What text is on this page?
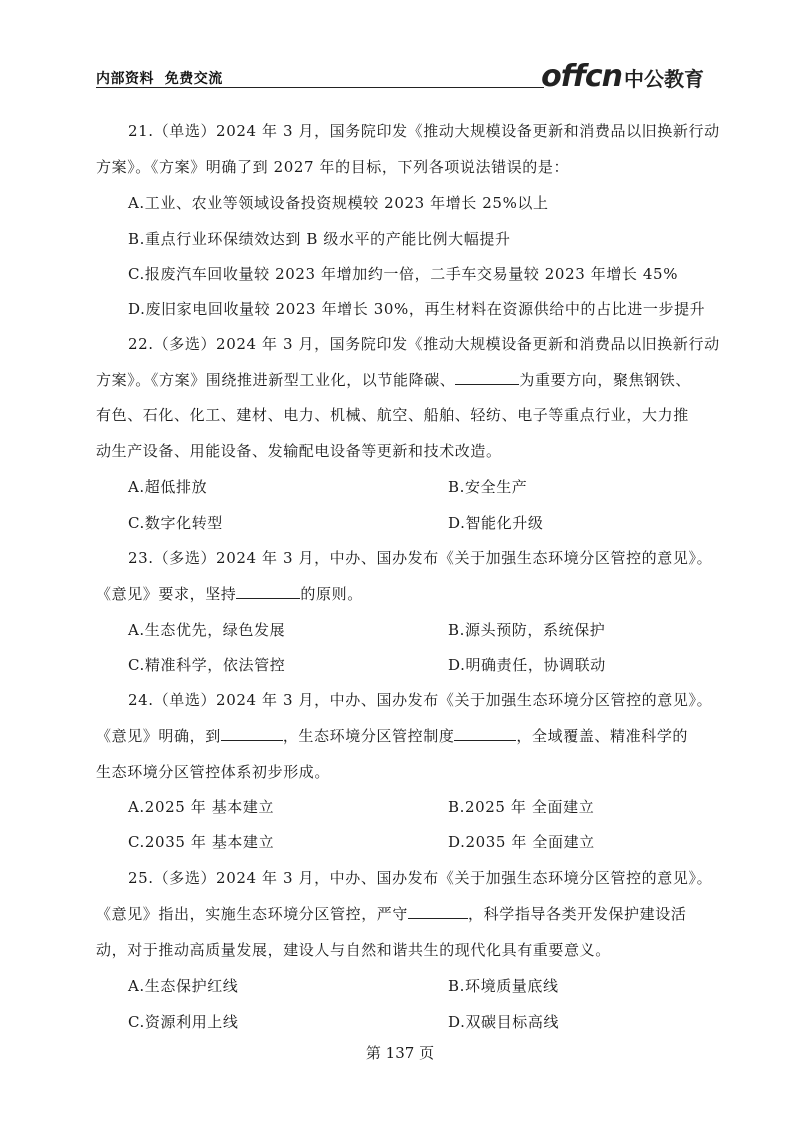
内部资料  免费交流	offcn 中公教育
21.（单选）2024 年 3 月，国务院印发《推动大规模设备更新和消费品以旧换新行动
方案》。《方案》明确了到 2027 年的目标，下列各项说法错误的是：
A.工业、农业等领域设备投资规模较 2023 年增长 25%以上
B.重点行业环保绩效达到 B 级水平的产能比例大幅提升
C.报废汽车回收量较 2023 年增加约一倍，二手车交易量较 2023 年增长 45%
D.废旧家电回收量较 2023 年增长 30%，再生材料在资源供给中的占比进一步提升
22.（多选）2024 年 3 月，国务院印发《推动大规模设备更新和消费品以旧换新行动
方案》。《方案》围绕推进新型工业化，以节能降碳、	为重要方向，聚焦钢铁、
有色、石化、化工、建材、电力、机械、航空、船舶、轻纺、电子等重点行业，大力推
动生产设备、用能设备、发输配电设备等更新和技术改造。
A.超低排放	B.安全生产
C.数字化转型	D.智能化升级
23.（多选）2024 年 3 月，中办、国办发布《关于加强生态环境分区管控的意见》。
《意见》要求，坚持	的原则。
A.生态优先，绿色发展	B.源头预防，系统保护
C.精准科学，依法管控	D.明确责任，协调联动
24.（单选）2024 年 3 月，中办、国办发布《关于加强生态环境分区管控的意见》。
《意见》明确，到	，生态环境分区管控制度	，全域覆盖、精准科学的
生态环境分区管控体系初步形成。
A.2025 年 基本建立	B.2025 年 全面建立
C.2035 年 基本建立	D.2035 年 全面建立
25.（多选）2024 年 3 月，中办、国办发布《关于加强生态环境分区管控的意见》。
《意见》指出，实施生态环境分区管控，严守	，科学指导各类开发保护建设活
动，对于推动高质量发展，建设人与自然和谐共生的现代化具有重要意义。
A.生态保护红线	B.环境质量底线
C.资源利用上线	D.双碳目标高线
第 137 页
